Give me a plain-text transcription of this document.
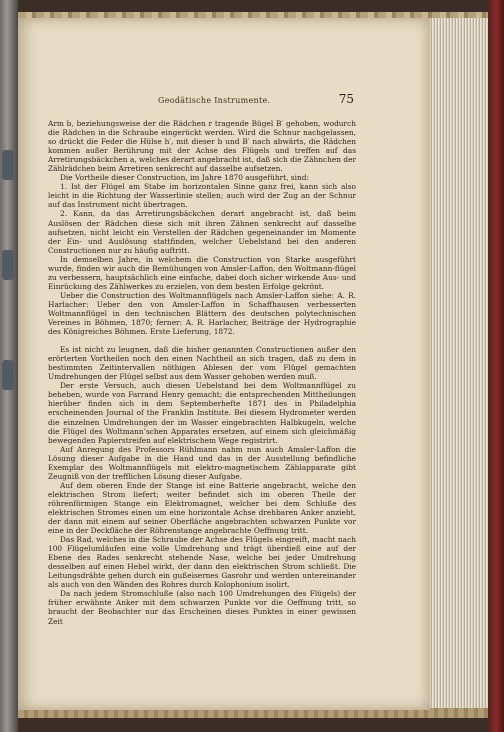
Geodätische Instrumente.	75

Arm b, beziehungsweise der die Rädchen r tragende Bügel B′ gehoben, wodurch die Rädchen in die Schraube eingerückt werden. Wird die Schnur nachgelassen, so drückt die Feder die Hülse h′, mit dieser b und B′ nach abwärts, die Rädchen kommen außer Berührung mit der Achse des Flügels und treffen auf das Arretirungsbäckchen a, welches derart angebracht ist, daß sich die Zähnchen der Zählrädchen beim Arretiren senkrecht auf dasselbe aufsetzen.

Die Vortheile dieser Construction, im Jahre 1870 ausgeführt, sind:

1. Ist der Flügel am Stabe im horizontalen Sinne ganz frei, kann sich also leicht in die Richtung der Wasserlinie stellen; auch wird der Zug an der Schnur auf das Instrument nicht übertragen.

2. Kann, da das Arretirungsbäckchen derart angebracht ist, daß beim Auslösen der Rädchen diese sich mit ihren Zähnen senkrecht auf dasselbe aufsetzen, nicht leicht ein Verstellen der Rädchen gegeneinander im Momente der Ein- und Auslösung stattfinden, welcher Uebelstand bei den anderen Constructionen nur zu häufig auftritt.

In demselben Jahre, in welchem die Construction von Starke ausgeführt wurde, finden wir auch die Bemühungen von Amsler-Laffon, den Woltmann-flügel zu verbessern, hauptsächlich eine einfache, dabei doch sicher wirkende Aus- und Einrückung des Zählwerkes zu erzielen, von dem besten Erfolge gekrönt.

Ueber die Construction des Woltmannflügels nach Amsler-Laffon siehe: A. R. Harlacher: Ueber den von Amsler-Laffon in Schaffhausen verbesserten Woltmannflügel in den technischen Blättern des deutschen polytechnischen Vereines in Böhmen, 1870; ferner: A. R. Harlacher, Beiträge der Hydrographie des Königreiches Böhmen. Erste Lieferung, 1872.

Es ist nicht zu leugnen, daß die bisher genannten Constructionen außer den erörterten Vortheilen noch den einen Nachtheil an sich tragen, daß zu dem in bestimmten Zeitintervallen nöthigen Ablesen der vom Flügel gemachten Umdrehungen der Flügel selbst aus dem Wasser gehoben werden muß.

Der erste Versuch, auch diesen Uebelstand bei dem Woltmannflügel zu beheben, wurde von Farrand Henry gemacht; die entsprechenden Mittheilungen hierüber finden sich in dem Septemberhefte 1871 des in Philadelphia erscheinenden Journal of the Franklin Institute. Bei diesem Hydrometer werden die einzelnen Umdrehungen der im Wasser eingebrachten Halbkugeln, welche die Flügel des Woltmann’schen Apparates ersetzen, auf einem sich gleichmäßig bewegenden Papierstreifen auf elektrischem Wege registrirt.

Auf Anregung des Professors Rühlmann nahm nun auch Amsler-Laffon die Lösung dieser Aufgabe in die Hand und das in der Ausstellung befindliche Exemplar des Woltmannflügels mit elektro-magnetischem Zählapparate gibt Zeugniß von der trefflichen Lösung dieser Aufgabe.

Auf dem oberen Ende der Stange ist eine Batterie angebracht, welche den elektrischen Strom liefert; weiter befindet sich im oberen Theile der röhrenförmigen Stange ein Elektromagnet, welcher bei dem Schluße des elektrischen Stromes einen um eine horizontale Achse drehbaren Anker anzieht, der dann mit einem auf seiner Oberfläche angebrachten schwarzen Punkte vor eine in der Deckfläche der Röhrenstange angebrachte Oeffnung tritt.

Das Rad, welches in die Schraube der Achse des Flügels eingreift, macht nach 100 Flügelumläufen eine volle Umdrehung und trägt überdieß eine auf der Ebene des Rades senkrecht stehende Nase, welche bei jeder Umdrehung desselben auf einen Hebel wirkt, der dann den elektrischen Strom schließt. Die Leitungsdrähte gehen durch ein gußeisernes Gasrohr und werden untereinander als auch von den Wänden des Rohres durch Kolophonium isolirt.

Da nach jedem Stromschluße (also nach 100 Umdrehungen des Flügels) der früher erwähnte Anker mit dem schwarzen Punkte vor die Oeffnung tritt, so braucht der Beobachter nur das Erscheinen dieses Punktes in einer gewissen Zeit
